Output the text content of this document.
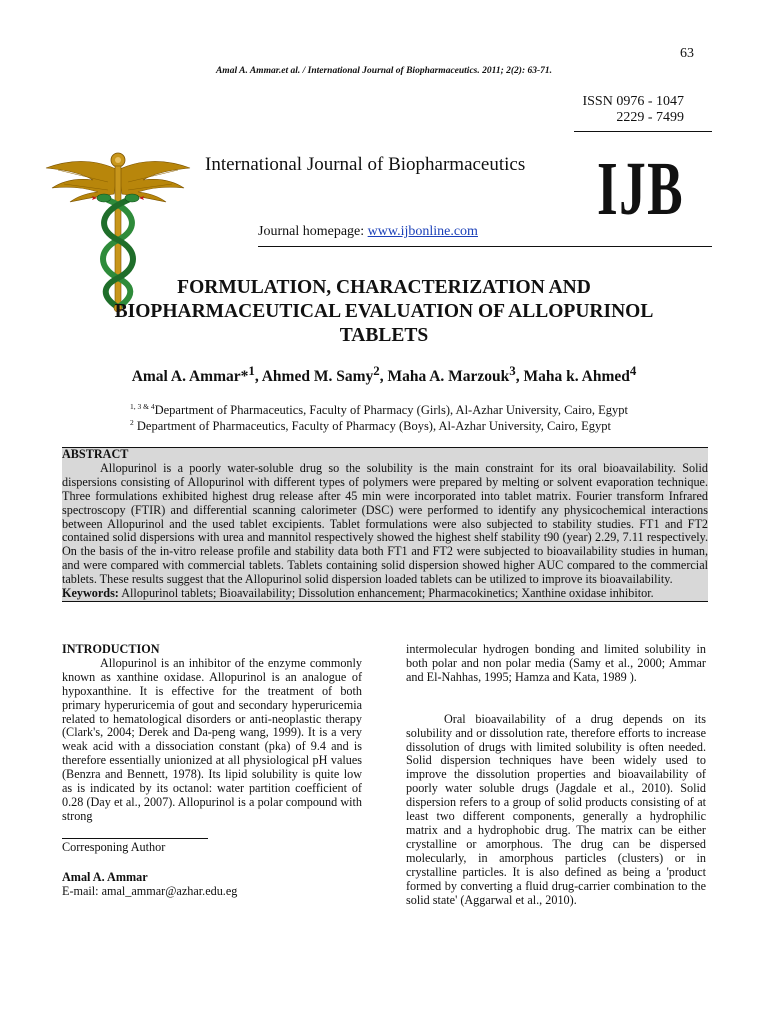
63
Amal A. Ammar.et al. / International Journal of Biopharmaceutics. 2011; 2(2): 63-71.
ISSN 0976 - 1047
2229 - 7499
International Journal of Biopharmaceutics IJB
Journal homepage: www.ijbonline.com
FORMULATION, CHARACTERIZATION AND
BIOPHARMACEUTICAL EVALUATION OF ALLOPURINOL
TABLETS
Amal A. Ammar*$^1$, Ahmed M. Samy$^2$, Maha A. Marzouk$^3$, Maha k. Ahmed$^4$
$^{1, 3 \& 4}$Department of Pharmaceutics, Faculty of Pharmacy (Girls), Al-Azhar University, Cairo, Egypt
$^2$ Department of Pharmaceutics, Faculty of Pharmacy (Boys), Al-Azhar University, Cairo, Egypt
ABSTRACT
Allopurinol is a poorly water-soluble drug so the solubility is the main constraint for its oral bioavailability. Solid dispersions consisting of Allopurinol with different types of polymers were prepared by melting or solvent evaporation technique. Three formulations exhibited highest drug release after 45 min were incorporated into tablet matrix. Fourier transform Infrared spectroscopy (FTIR) and differential scanning calorimeter (DSC) were performed to identify any physicochemical interactions between Allopurinol and the used tablet excipients. Tablet formulations were also subjected to stability studies. FT1 and FT2 contained solid dispersions with urea and mannitol respectively showed the highest shelf stability t90 (year) 2.29, 7.11 respectively. On the basis of the in-vitro release profile and stability data both FT1 and FT2 were subjected to bioavailability studies in human, and were compared with commercial tablets. Tablets containing solid dispersion showed higher AUC compared to the commercial tablets. These results suggest that the Allopurinol solid dispersion loaded tablets can be utilized to improve its bioavailability.
Keywords: Allopurinol tablets; Bioavailability; Dissolution enhancement; Pharmacokinetics; Xanthine oxidase inhibitor.
INTRODUCTION
Allopurinol is an inhibitor of the enzyme commonly known as xanthine oxidase. Allopurinol is an analogue of hypoxanthine. It is effective for the treatment of both primary hyperuricemia of gout and secondary hyperuricemia related to hematological disorders or anti-neoplastic therapy (Clark's, 2004; Derek and Da-peng wang, 1999). It is a very weak acid with a dissociation constant (pka) of 9.4 and is therefore essentially unionized at all physiological pH values (Benzra and Bennett, 1978). Its lipid solubility is quite low as is indicated by its octanol: water partition coefficient of 0.28 (Day et al., 2007). Allopurinol is a polar compound with strong
Corresponing Author
Amal A. Ammar
E-mail: amal_ammar@azhar.edu.eg
intermolecular hydrogen bonding and limited solubility in both polar and non polar media (Samy et al., 2000; Ammar and El-Nahhas, 1995; Hamza and Kata, 1989 ).
Oral bioavailability of a drug depends on its solubility and or dissolution rate, therefore efforts to increase dissolution of drugs with limited solubility is often needed. Solid dispersion techniques have been widely used to improve the dissolution properties and bioavailability of poorly water soluble drugs (Jagdale et al., 2010). Solid dispersion refers to a group of solid products consisting of at least two different components, generally a hydrophilic matrix and a hydrophobic drug. The matrix can be either crystalline or amorphous. The drug can be dispersed molecularly, in amorphous particles (clusters) or in crystalline particles. It is also defined as being a 'product formed by converting a fluid drug-carrier combination to the solid state' (Aggarwal et al., 2010).
